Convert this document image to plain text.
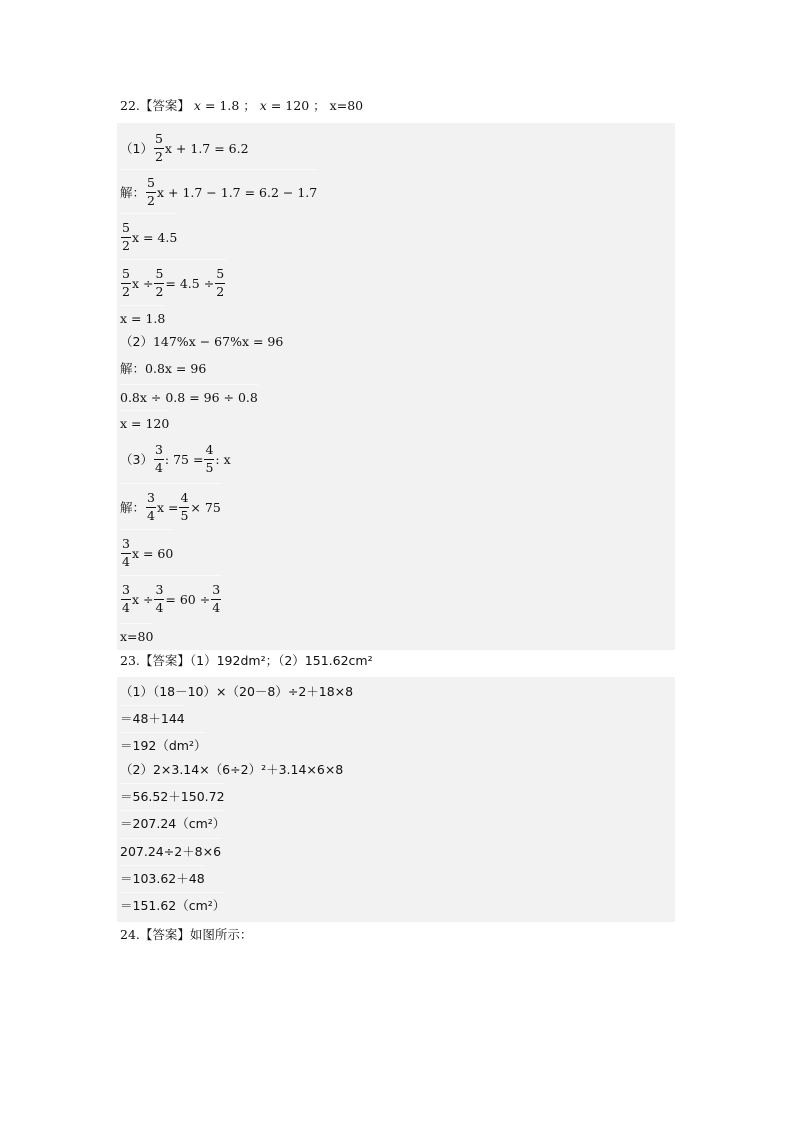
22.【答案】 x = 1.8 ； x = 120 ； x=80
$(1) \frac{5}{2}$ x + 1.7 = 6.2
解： $\frac{5}{2}$ x + 1.7 − 1.7 = 6.2 − 1.7
$\frac{5}{2}$ x = 4.5
$\frac{5}{2}$ $x \div \frac{5}{2} = 4.5 \div \frac{5}{2}$
x = 1.8
（2） 147%x − 67%x = 96
解： 0.8x = 96
0.8x ÷ 0.8 = 96 ÷ 0.8
x = 120
$(3) \frac{3}{4}$ : $75 = \frac{4}{5}$ : x
解： $\frac{3}{4}$ $x = \frac{4}{5} \times 75$
$\frac{3}{4}$ x = 60
$\frac{3}{4}$ $x \div \frac{3}{4} = 60 \div \frac{3}{4}$
x=80
23.【答案】（1）192dm²；（2）151.62cm²
（1）（18－10）×（20－8）÷2＋18×8
＝48＋144
＝192（dm²）
（2）2×3.14×（6÷2）²＋3.14×6×8
＝56.52＋150.72
＝207.24（cm²）
207.24÷2＋8×6
＝103.62＋48
＝151.62（cm²）
24.【答案】如图所示：
